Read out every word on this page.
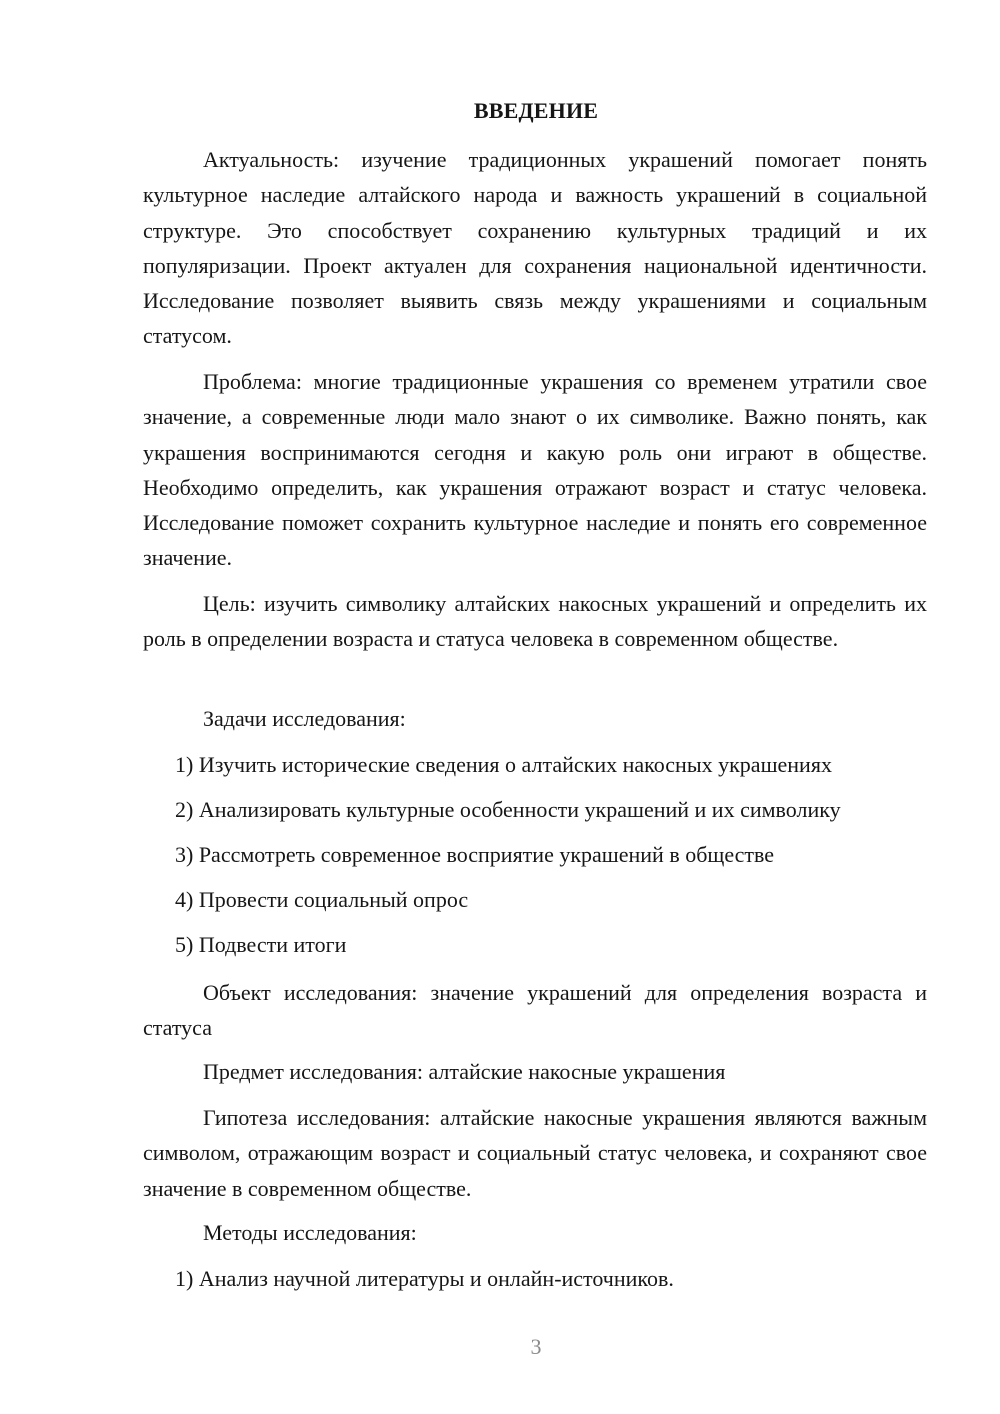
ВВЕДЕНИЕ

Актуальность: изучение традиционных украшений помогает понять культурное наследие алтайского народа и важность украшений в социальной структуре. Это способствует сохранению культурных традиций и их популяризации. Проект актуален для сохранения национальной идентичности. Исследование позволяет выявить связь между украшениями и социальным статусом.

Проблема: многие традиционные украшения со временем утратили свое значение, а современные люди мало знают о их символике. Важно понять, как украшения воспринимаются сегодня и какую роль они играют в обществе. Необходимо определить, как украшения отражают возраст и статус человека. Исследование поможет сохранить культурное наследие и понять его современное значение.

Цель: изучить символику алтайских накосных украшений и определить их роль в определении возраста и статуса человека в современном обществе.

Задачи исследования:

1) Изучить исторические сведения о алтайских накосных украшениях

2) Анализировать культурные особенности украшений и их символику

3) Рассмотреть современное восприятие украшений в обществе

4) Провести социальный опрос

5) Подвести итоги

Объект исследования: значение украшений для определения возраста и статуса

Предмет исследования: алтайские накосные украшения

Гипотеза исследования: алтайские накосные украшения являются важным символом, отражающим возраст и социальный статус человека, и сохраняют свое значение в современном обществе.

Методы исследования:

1) Анализ научной литературы и онлайн-источников.

3
